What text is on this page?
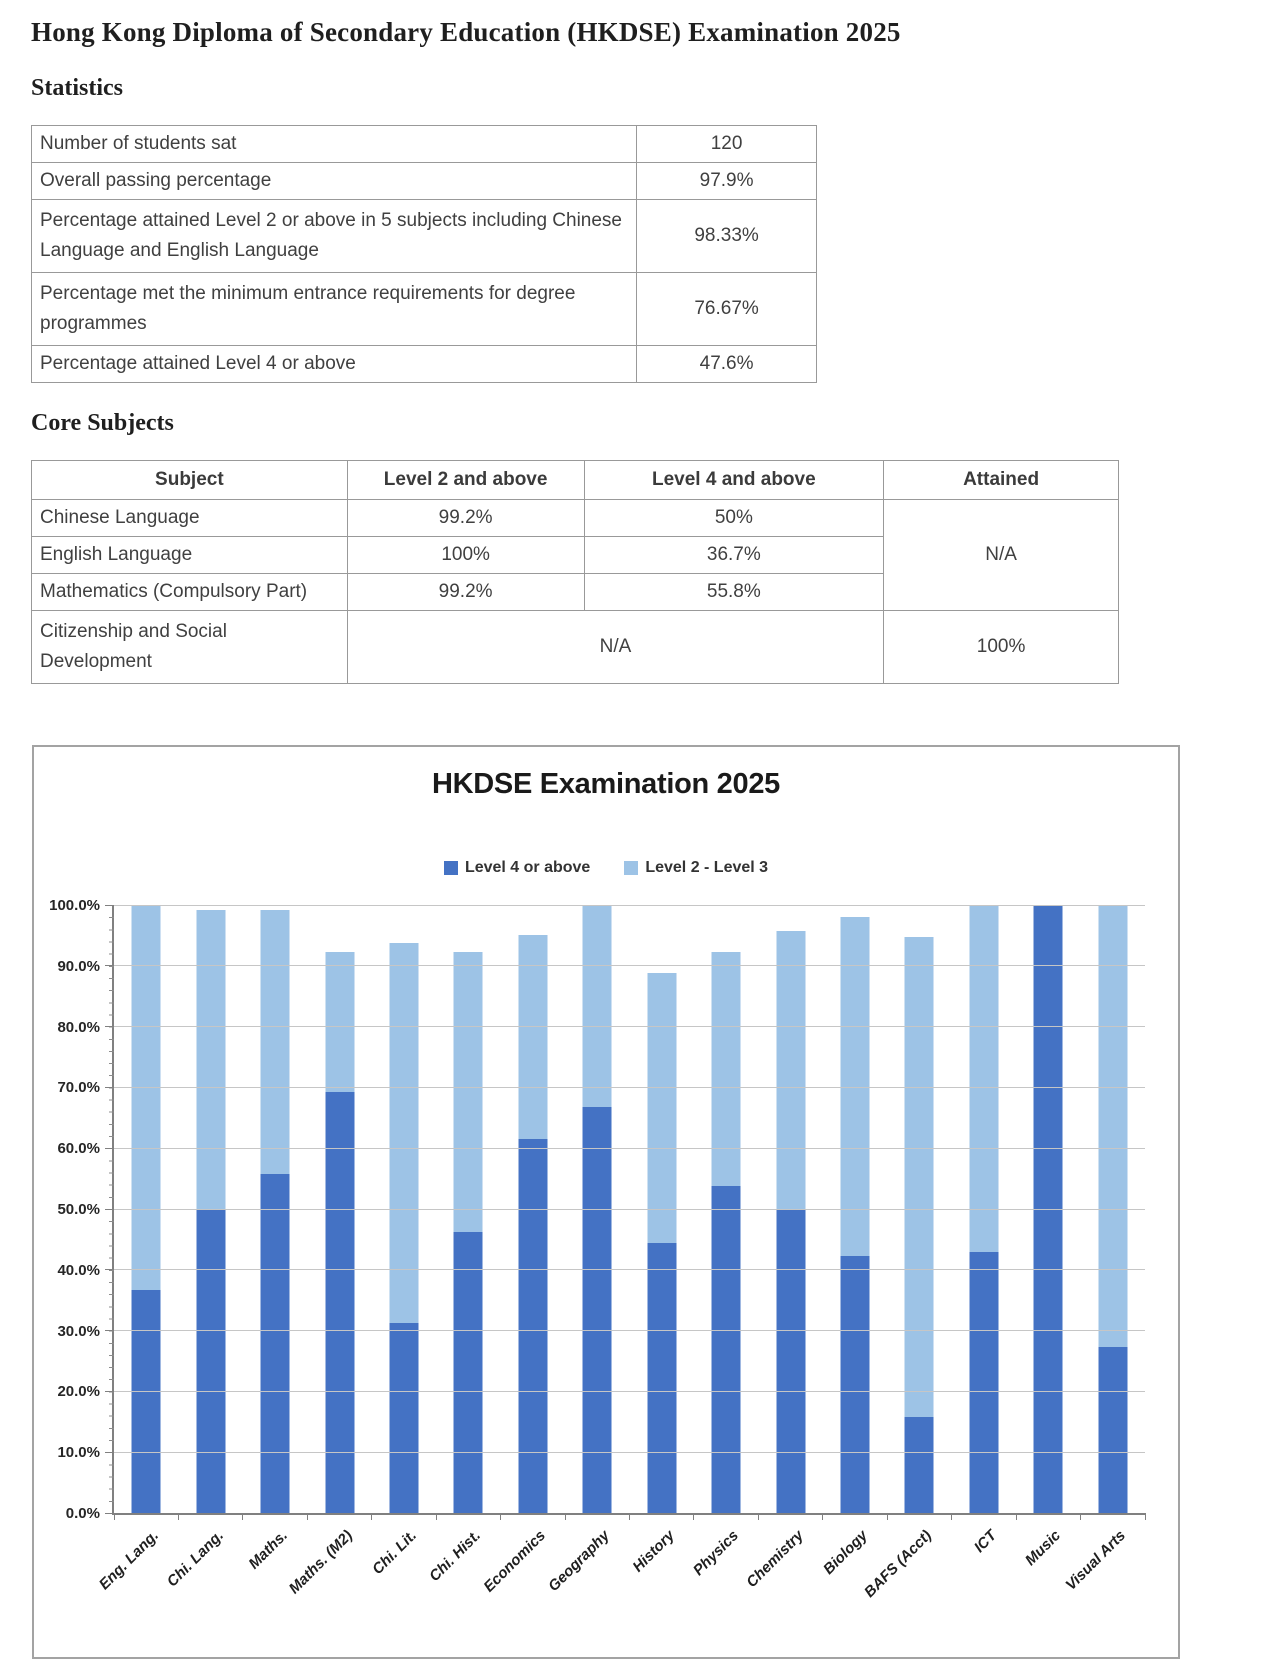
Hong Kong Diploma of Secondary Education (HKDSE) Examination 2025
Statistics
Number of students sat	120
Overall passing percentage	97.9%
Percentage attained Level 2 or above in 5 subjects including Chinese Language and English Language	98.33%
Percentage met the minimum entrance requirements for degree programmes	76.67%
Percentage attained Level 4 or above	47.6%
Core Subjects
Subject	Level 2 and above	Level 4 and above	Attained
Chinese Language	99.2%	50%	N/A
English Language	100%	36.7%	
Mathematics (Compulsory Part)	99.2%	55.8%	

Citizenship and Social Development	N/A		100%
HKDSE Examination 2025
Level 4 or above	Level 2 - Level 3
0.0%
10.0%
20.0%
30.0%
40.0%
50.0%
60.0%
70.0%
80.0%
90.0%
100.0%
Eng. Lang. Chi. Lang. Maths.
Maths. (M2) Chi. Lit. Chi. Hist.
Economics
Geography History Physics Chemistry Biology
BAFS (Acct) ICT Music
Visual Arts
